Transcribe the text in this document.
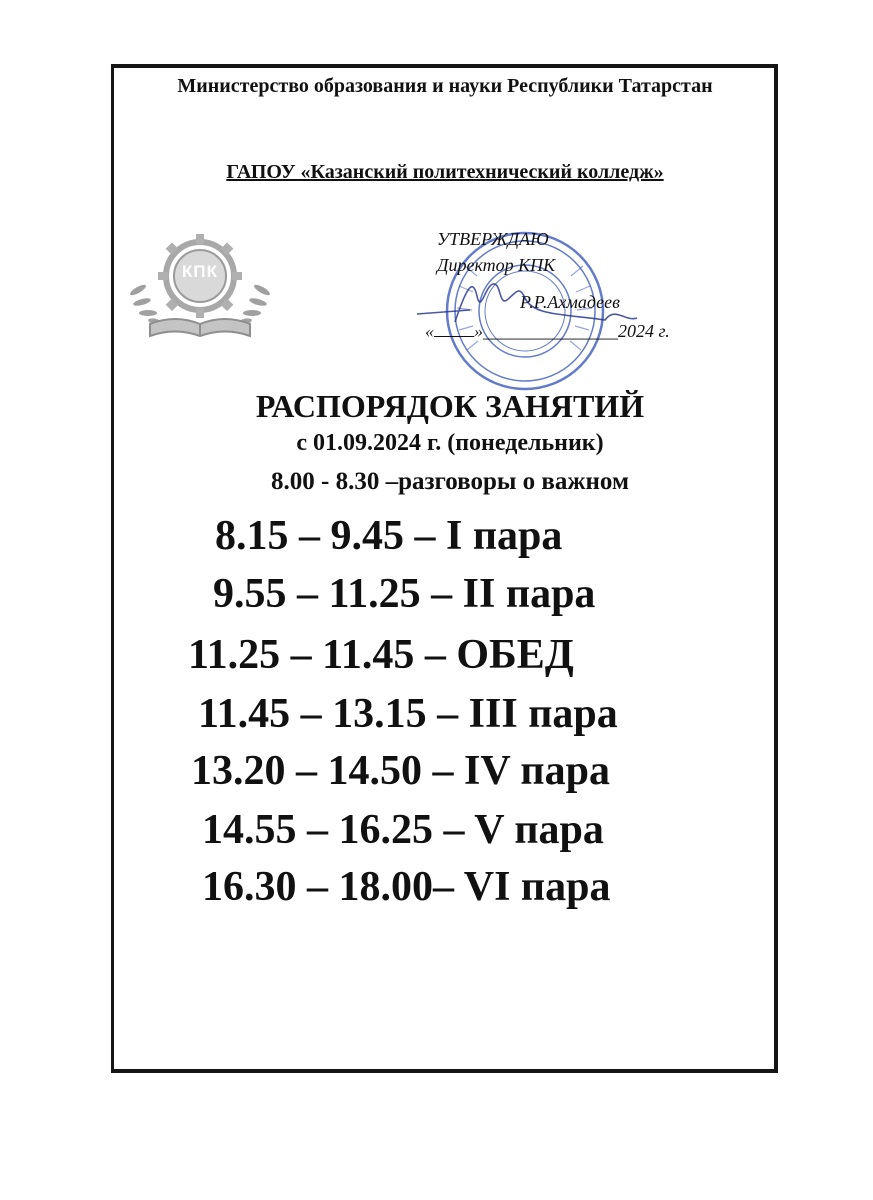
Министерство образования и науки Республики Татарстан
ГАПОУ «Казанский политехнический колледж»
КПК
УТВЕРЖДАЮ
Директор КПК
Р.Р.Ахмадеев
« »_______________2024 г.
РАСПОРЯДОК ЗАНЯТИЙ
с 01.09.2024 г. (понедельник)
8.00 - 8.30 –разговоры о важном
8.15 – 9.45 – I пара
9.55 – 11.25 – II пара
11.25 – 11.45 – ОБЕД
11.45 – 13.15 – III пара
13.20 – 14.50 – IV пара
14.55 – 16.25 – V пара
16.30 – 18.00– VI пара
